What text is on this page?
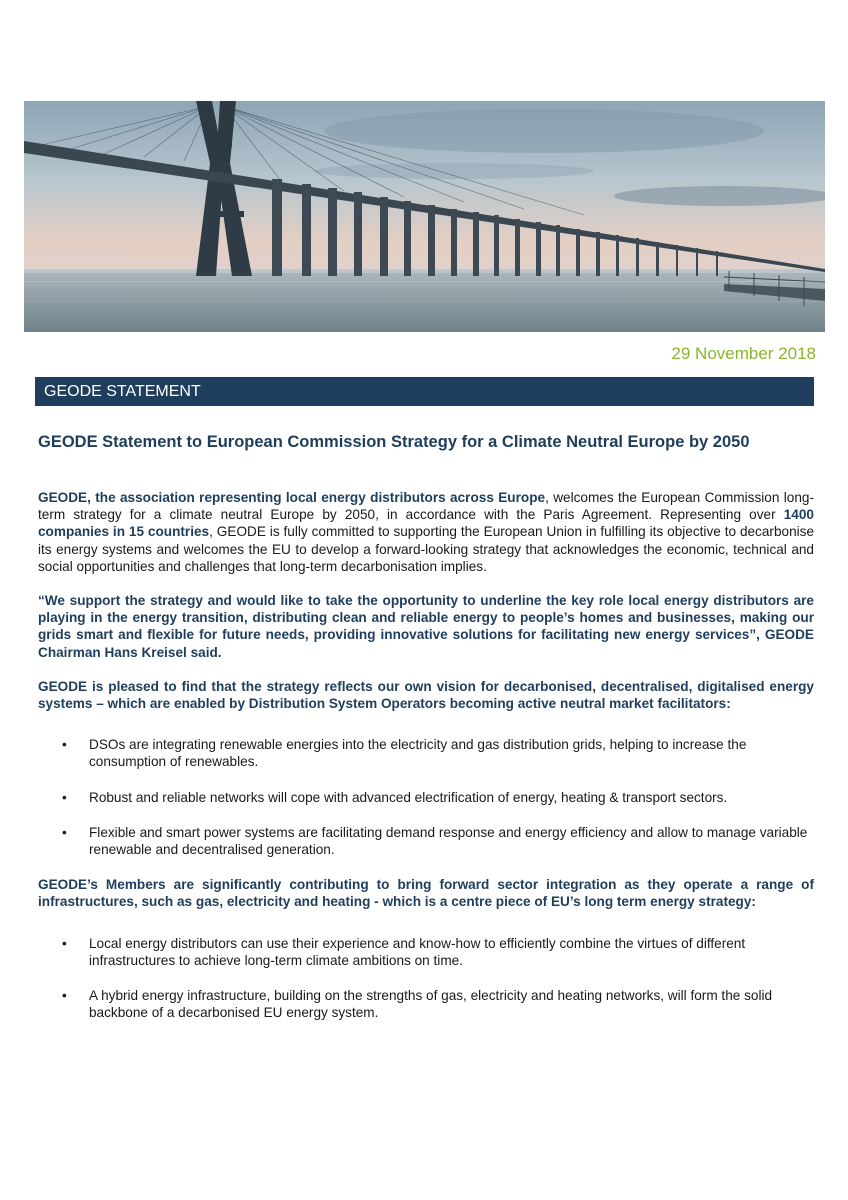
29 November 2018
GEODE STATEMENT
GEODE Statement to European Commission Strategy for a Climate Neutral Europe by 2050

GEODE, the association representing local energy distributors across Europe, welcomes the European Commission long-term strategy for a climate neutral Europe by 2050, in accordance with the Paris Agreement. Representing over 1400 companies in 15 countries, GEODE is fully committed to supporting the European Union in fulfilling its objective to decarbonise its energy systems and welcomes the EU to develop a forward-looking strategy that acknowledges the economic, technical and social opportunities and challenges that long-term decarbonisation implies.

“We support the strategy and would like to take the opportunity to underline the key role local energy distributors are playing in the energy transition, distributing clean and reliable energy to people’s homes and businesses, making our grids smart and flexible for future needs, providing innovative solutions for facilitating new energy services”, GEODE Chairman Hans Kreisel said.

GEODE is pleased to find that the strategy reflects our own vision for decarbonised, decentralised, digitalised energy systems – which are enabled by Distribution System Operators becoming active neutral market facilitators:

• DSOs are integrating renewable energies into the electricity and gas distribution grids, helping to increase the consumption of renewables.
• Robust and reliable networks will cope with advanced electrification of energy, heating & transport sectors.
• Flexible and smart power systems are facilitating demand response and energy efficiency and allow to manage variable renewable and decentralised generation.

GEODE’s Members are significantly contributing to bring forward sector integration as they operate a range of infrastructures, such as gas, electricity and heating - which is a centre piece of EU’s long term energy strategy:

• Local energy distributors can use their experience and know-how to efficiently combine the virtues of different infrastructures to achieve long-term climate ambitions on time.
• A hybrid energy infrastructure, building on the strengths of gas, electricity and heating networks, will form the solid backbone of a decarbonised EU energy system.
